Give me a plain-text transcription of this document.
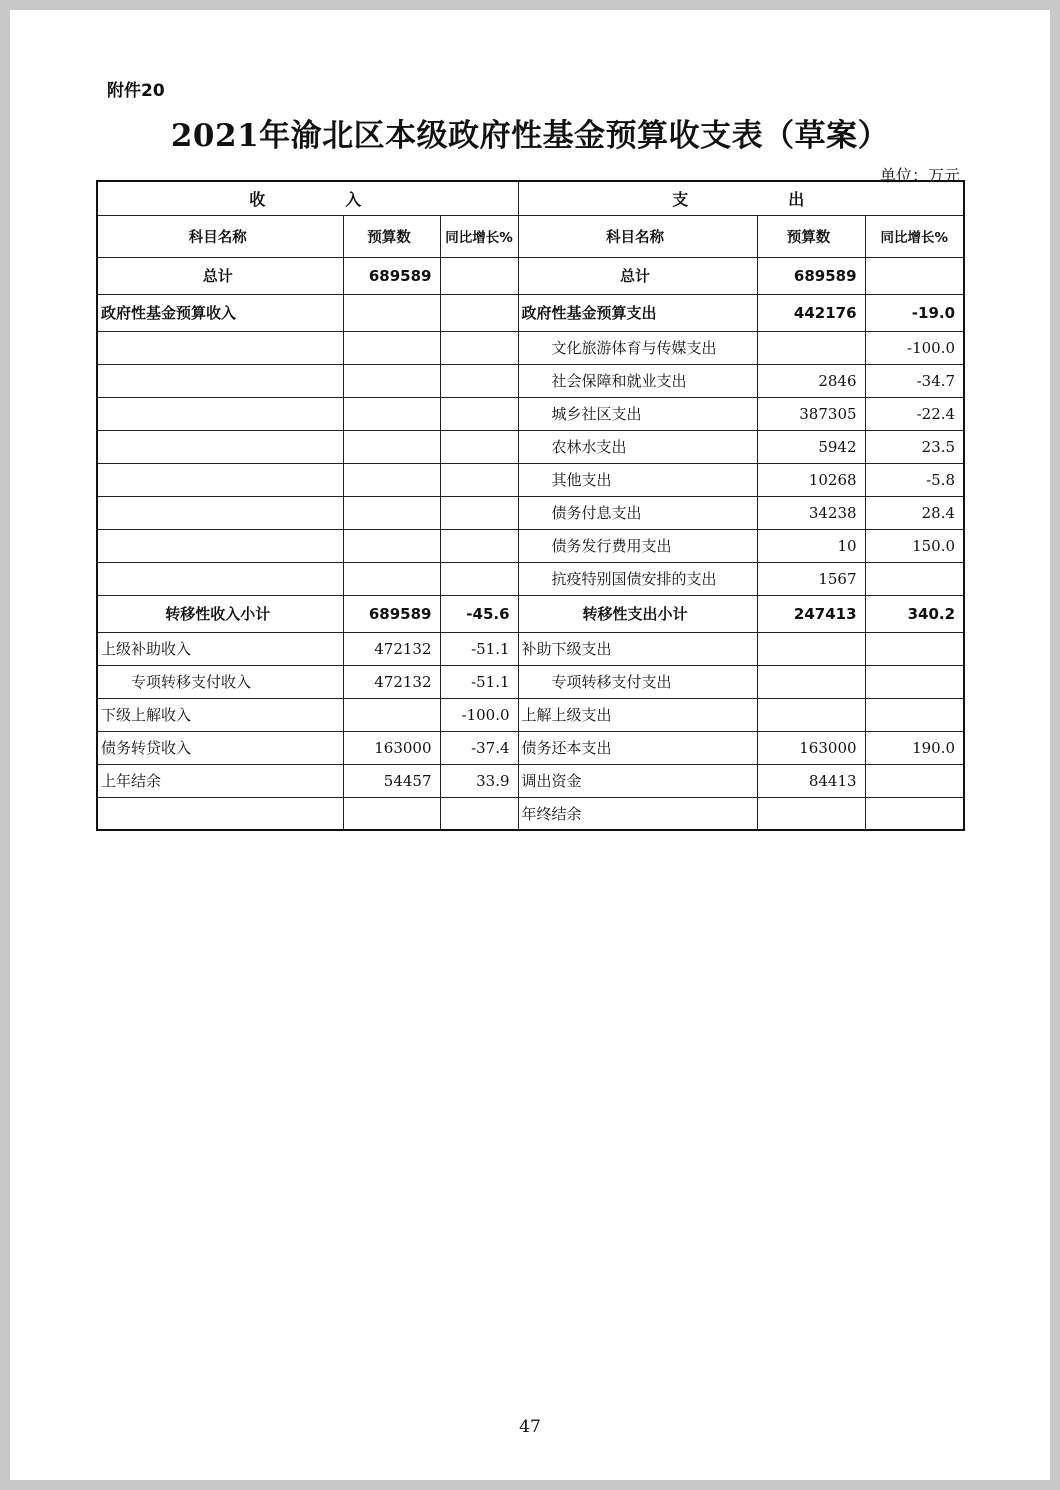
附件20
2021年渝北区本级政府性基金预算收支表（草案）
单位：万元
收 入			支 出		
科目名称	预算数	同比增长%	科目名称	预算数	同比增长%
总计	689589		总计	689589	
政府性基金预算收入			政府性基金预算支出	442176	-19.0
			文化旅游体育与传媒支出		-100.0
			社会保障和就业支出	2846	-34.7
			城乡社区支出	387305	-22.4
			农林水支出	5942	23.5
			其他支出	10268	-5.8
			债务付息支出	34238	28.4
			债务发行费用支出	10	150.0
			抗疫特别国债安排的支出	1567	
转移性收入小计	689589	-45.6	转移性支出小计	247413	340.2
上级补助收入	472132	-51.1	补助下级支出		
专项转移支付收入	472132	-51.1	专项转移支付支出		
下级上解收入		-100.0	上解上级支出		
债务转贷收入	163000	-37.4	债务还本支出	163000	190.0
上年结余	54457	33.9	调出资金	84413	
			年终结余		
47
